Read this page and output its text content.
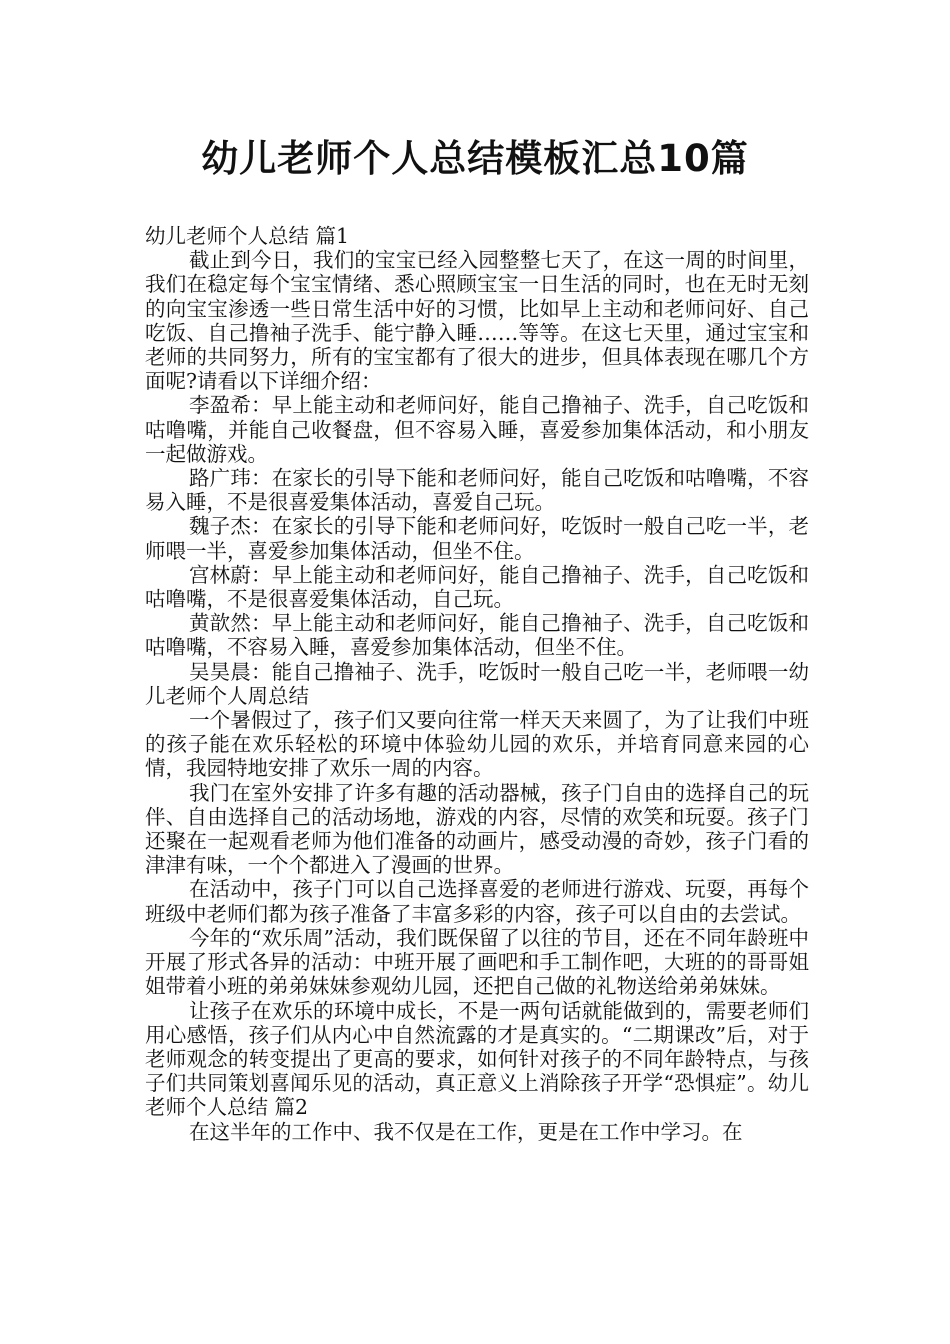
幼儿老师个人总结模板汇总10篇

幼儿老师个人总结 篇1

截止到今日，我们的宝宝已经入园整整七天了，在这一周的时间里，我们在稳定每个宝宝情绪、悉心照顾宝宝一日生活的同时，也在无时无刻的向宝宝渗透一些日常生活中好的习惯，比如早上主动和老师问好、自己吃饭、自己撸袖子洗手、能宁静入睡……等等。在这七天里，通过宝宝和老师的共同努力，所有的宝宝都有了很大的进步，但具体表现在哪几个方面呢?请看以下详细介绍：

李盈希：早上能主动和老师问好，能自己撸袖子、洗手，自己吃饭和咕噜嘴，并能自己收餐盘，但不容易入睡，喜爱参加集体活动，和小朋友一起做游戏。

路广玮：在家长的引导下能和老师问好，能自己吃饭和咕噜嘴，不容易入睡，不是很喜爱集体活动，喜爱自己玩。

魏子杰：在家长的引导下能和老师问好，吃饭时一般自己吃一半，老师喂一半，喜爱参加集体活动，但坐不住。

宫林蔚：早上能主动和老师问好，能自己撸袖子、洗手，自己吃饭和咕噜嘴，不是很喜爱集体活动，自己玩。

黄歆然：早上能主动和老师问好，能自己撸袖子、洗手，自己吃饭和咕噜嘴，不容易入睡，喜爱参加集体活动，但坐不住。

吴昊晨：能自己撸袖子、洗手，吃饭时一般自己吃一半，老师喂一幼儿老师个人周总结

一个暑假过了，孩子们又要向往常一样天天来圆了，为了让我们中班的孩子能在欢乐轻松的环境中体验幼儿园的欢乐，并培育同意来园的心情，我园特地安排了欢乐一周的内容。

我门在室外安排了许多有趣的活动器械，孩子门自由的选择自己的玩伴、自由选择自己的活动场地，游戏的内容，尽情的欢笑和玩耍。孩子门还聚在一起观看老师为他们准备的动画片，感受动漫的奇妙，孩子门看的津津有味，一个个都进入了漫画的世界。

在活动中，孩子门可以自己选择喜爱的老师进行游戏、玩耍，再每个班级中老师们都为孩子准备了丰富多彩的内容，孩子可以自由的去尝试。

今年的“欢乐周”活动，我们既保留了以往的节目，还在不同年龄班中开展了形式各异的活动：中班开展了画吧和手工制作吧，大班的的哥哥姐姐带着小班的弟弟妹妹参观幼儿园，还把自己做的礼物送给弟弟妹妹。

让孩子在欢乐的环境中成长，不是一两句话就能做到的，需要老师们用心感悟，孩子们从内心中自然流露的才是真实的。“二期课改”后，对于老师观念的转变提出了更高的要求，如何针对孩子的不同年龄特点，与孩子们共同策划喜闻乐见的活动，真正意义上消除孩子开学“恐惧症”。幼儿老师个人总结 篇2

在这半年的工作中、我不仅是在工作，更是在工作中学习。在
